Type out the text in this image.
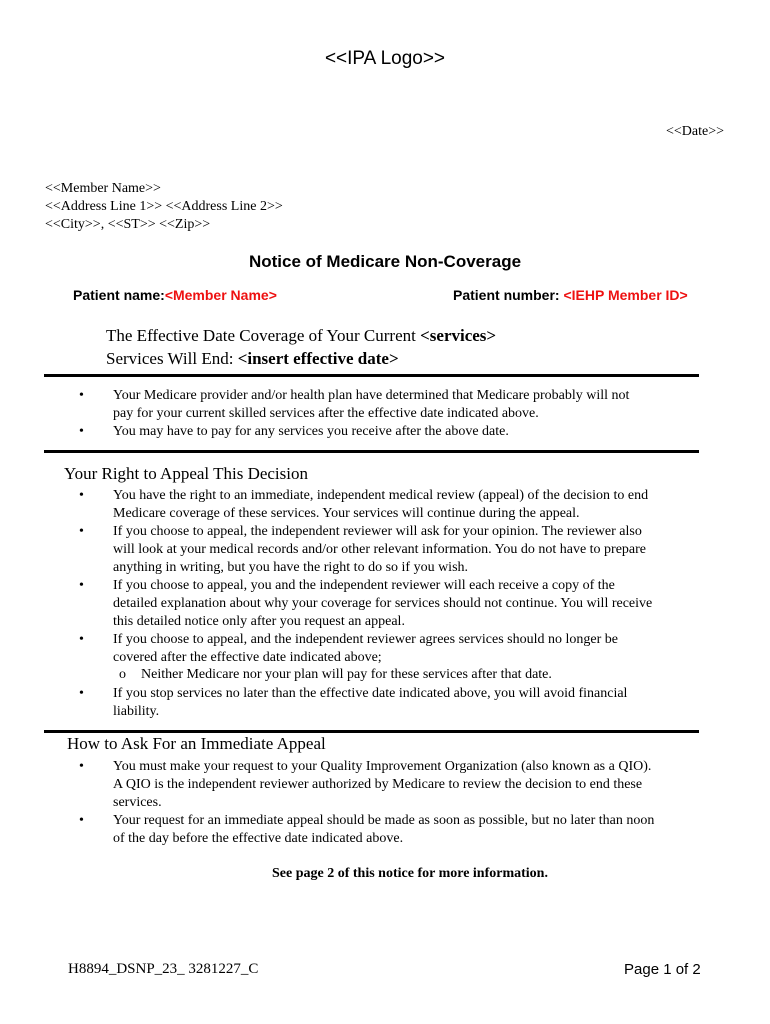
<<IPA Logo>>
<<Date>>
<<Member Name>>
<<Address Line 1>> <<Address Line 2>>
<<City>>, <<ST>> <<Zip>>
Notice of Medicare Non-Coverage
Patient name:<Member Name>	Patient number: <IEHP Member ID>
The Effective Date Coverage of Your Current <services>
Services Will End: <insert effective date>
• Your Medicare provider and/or health plan have determined that Medicare probably will not
pay for your current skilled services after the effective date indicated above.
• You may have to pay for any services you receive after the above date.
Your Right to Appeal This Decision
• You have the right to an immediate, independent medical review (appeal) of the decision to end
Medicare coverage of these services. Your services will continue during the appeal.
• If you choose to appeal, the independent reviewer will ask for your opinion. The reviewer also
will look at your medical records and/or other relevant information. You do not have to prepare
anything in writing, but you have the right to do so if you wish.
• If you choose to appeal, you and the independent reviewer will each receive a copy of the
detailed explanation about why your coverage for services should not continue. You will receive
this detailed notice only after you request an appeal.
• If you choose to appeal, and the independent reviewer agrees services should no longer be
covered after the effective date indicated above;
o Neither Medicare nor your plan will pay for these services after that date.
• If you stop services no later than the effective date indicated above, you will avoid financial
liability.
How to Ask For an Immediate Appeal
• You must make your request to your Quality Improvement Organization (also known as a QIO).
A QIO is the independent reviewer authorized by Medicare to review the decision to end these
services.
• Your request for an immediate appeal should be made as soon as possible, but no later than noon
of the day before the effective date indicated above.
See page 2 of this notice for more information.
H8894_DSNP_23_ 3281227_C	Page 1 of 2
